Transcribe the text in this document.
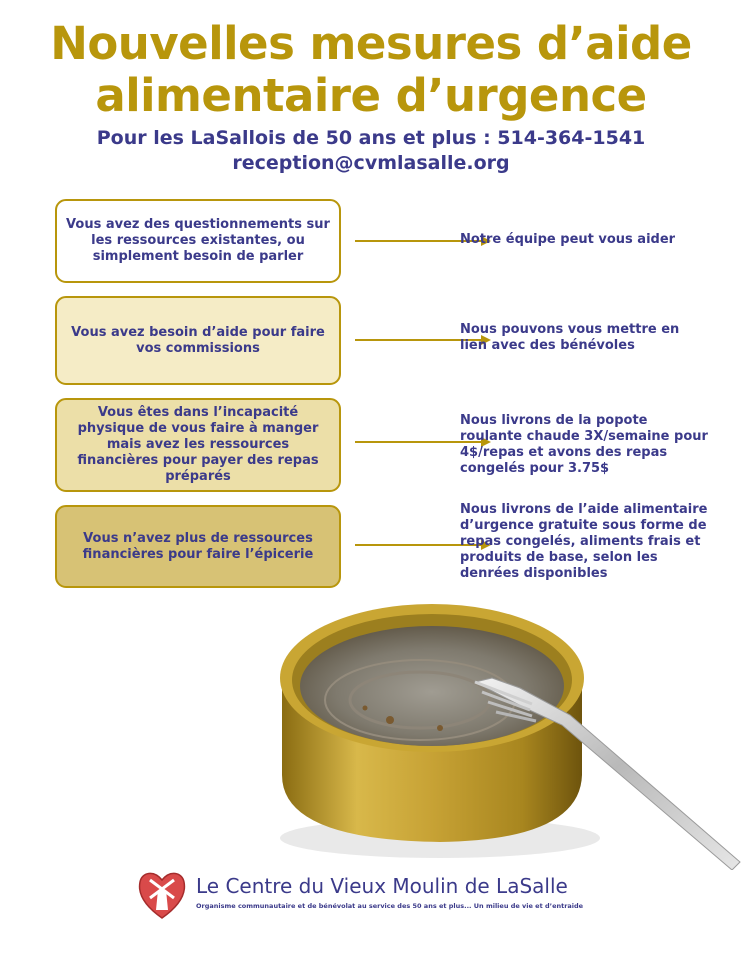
Nouvelles mesures d’aide
alimentaire d’urgence
Pour les LaSallois de 50 ans et plus : 514-364-1541
reception@cvmlasalle.org
Vous avez des questionnements sur les ressources existantes, ou simplement besoin de parler
Notre équipe peut vous aider
Vous avez besoin d’aide pour faire vos commissions
Nous pouvons vous mettre en lien avec des bénévoles
Vous êtes dans l’incapacité physique de vous faire à manger mais avez les ressources financières pour payer des repas préparés
Nous livrons de la popote roulante chaude 3X/semaine pour 4$/repas et avons des repas congelés pour 3.75$
Vous n’avez plus de ressources financières pour faire l’épicerie
Nous livrons de l’aide alimentaire d’urgence gratuite sous forme de repas congelés, aliments frais et produits de base, selon les denrées disponibles
Le Centre du Vieux Moulin de LaSalle
Organisme communautaire et de bénévolat au service des 50 ans et plus... Un milieu de vie et d’entraide
